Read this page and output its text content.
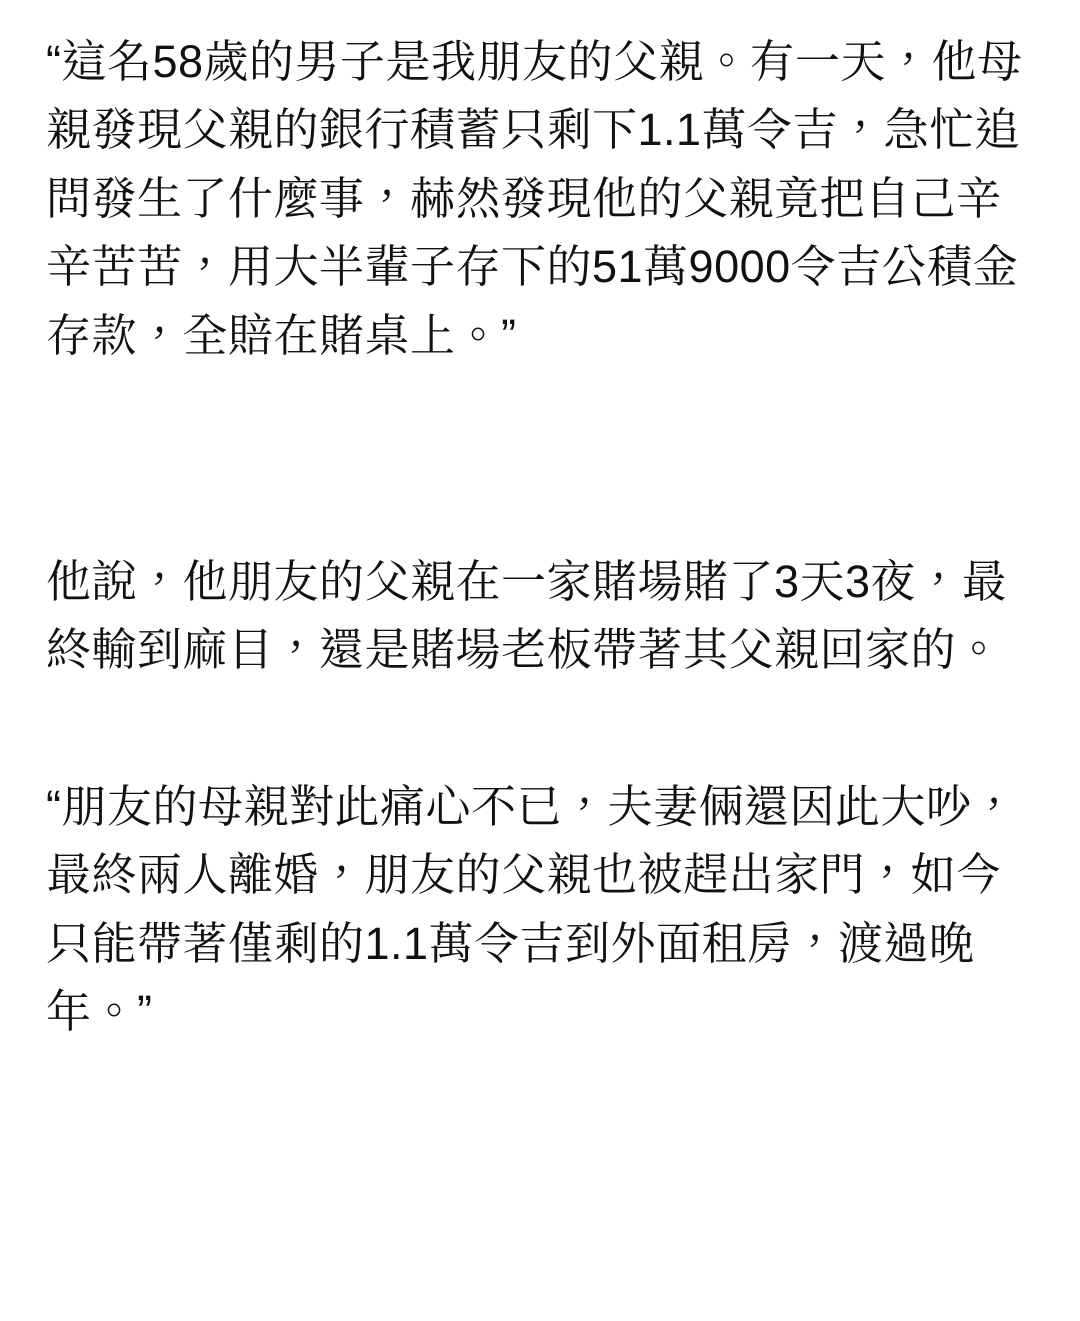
“這名58歲的男子是我朋友的父親。有一天，他母親發現父親的銀行積蓄只剩下1.1萬令吉，急忙追問發生了什麼事，赫然發現他的父親竟把自己辛辛苦苦，用大半輩子存下的51萬9000令吉公積金存款，全賠在賭桌上。”

他說，他朋友的父親在一家賭場賭了3天3夜，最終輸到麻目，還是賭場老板帶著其父親回家的。

“朋友的母親對此痛心不已，夫妻倆還因此大吵，最終兩人離婚，朋友的父親也被趕出家門，如今只能帶著僅剩的1.1萬令吉到外面租房，渡過晚年。”
